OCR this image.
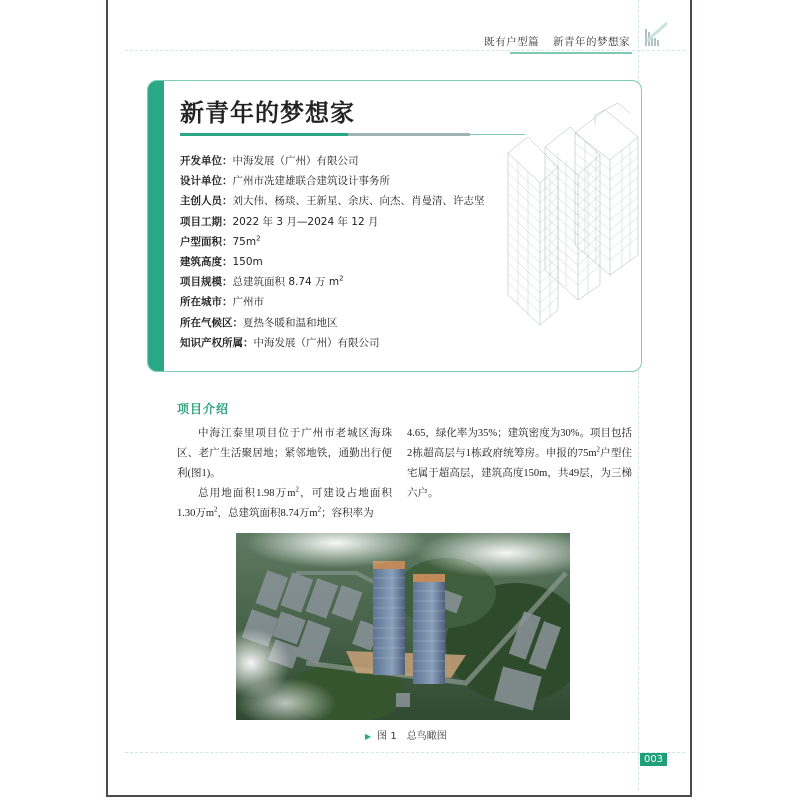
既有户型篇 新青年的梦想家
新青年的梦想家
开发单位：中海发展（广州）有限公司
设计单位：广州市冼建雄联合建筑设计事务所
主创人员：刘大伟、杨琰、王新星、余庆、向杰、肖曼清、许志坚
项目工期：2022 年 3 月—2024 年 12 月
户型面积：$75m^2$
建筑高度：150m
项目规模：总建筑面积 8.74 万 $m^2$
所在城市：广州市
所在气候区：夏热冬暖和温和地区
知识产权所属：中海发展（广州）有限公司
项目介绍

中海江泰里项目位于广州市老城区海珠区、老广生活聚居地；紧邻地铁，通勤出行便利(图1)。

总用地面积1.98万$m^2$，可建设占地面积1.30万$m^2$，总建筑面积8.74万$m^2$；容积率为

4.65，绿化率为35%；建筑密度为30%。项目包括2栋超高层与1栋政府统筹房。申报的$75m^2$户型住宅属于超高层，建筑高度150m，共49层，为三梯六户。

▶ 图 1 总鸟瞰图
003
